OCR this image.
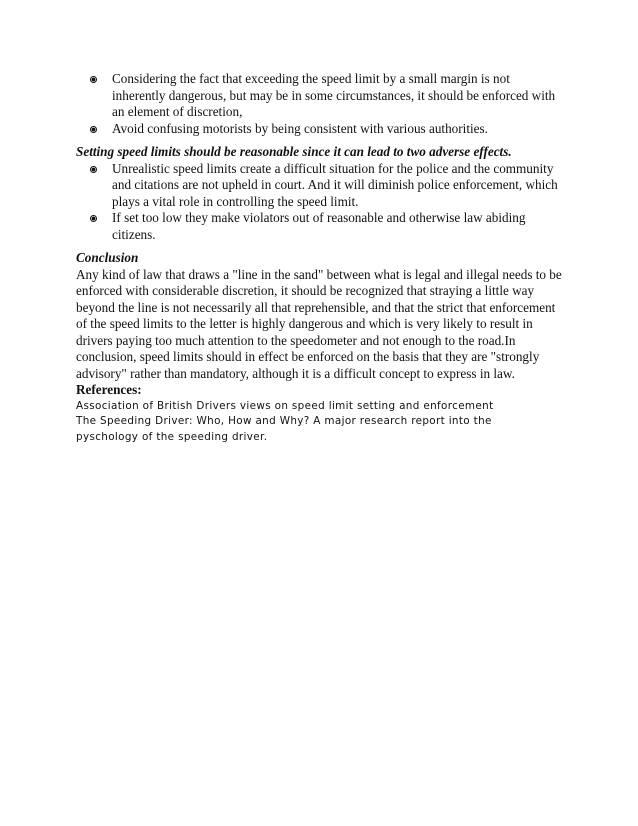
Considering the fact that exceeding the speed limit by a small margin is not inherently dangerous, but may be in some circumstances, it should be enforced with an element of discretion,
Avoid confusing motorists by being consistent with various authorities.
Setting speed limits should be reasonable since it can lead to two adverse effects.
Unrealistic speed limits create a difficult situation for the police and the community and citations are not upheld in court. And it will diminish police enforcement, which plays a vital role in controlling the speed limit.
If set too low they make violators out of reasonable and otherwise law abiding citizens.
Conclusion

Any kind of law that draws a "line in the sand" between what is legal and illegal needs to be enforced with considerable discretion, it should be recognized that straying a little way beyond the line is not necessarily all that reprehensible, and that the strict that enforcement of the speed limits to the letter is highly dangerous and which is very likely to result in drivers paying too much attention to the speedometer and not enough to the road.In conclusion, speed limits should in effect be enforced on the basis that they are "strongly advisory" rather than mandatory, although it is a difficult concept to express in law.

References:
Association of British Drivers views on speed limit setting and enforcement
The Speeding Driver: Who, How and Why? A major research report into the
pyschology of the speeding driver.
